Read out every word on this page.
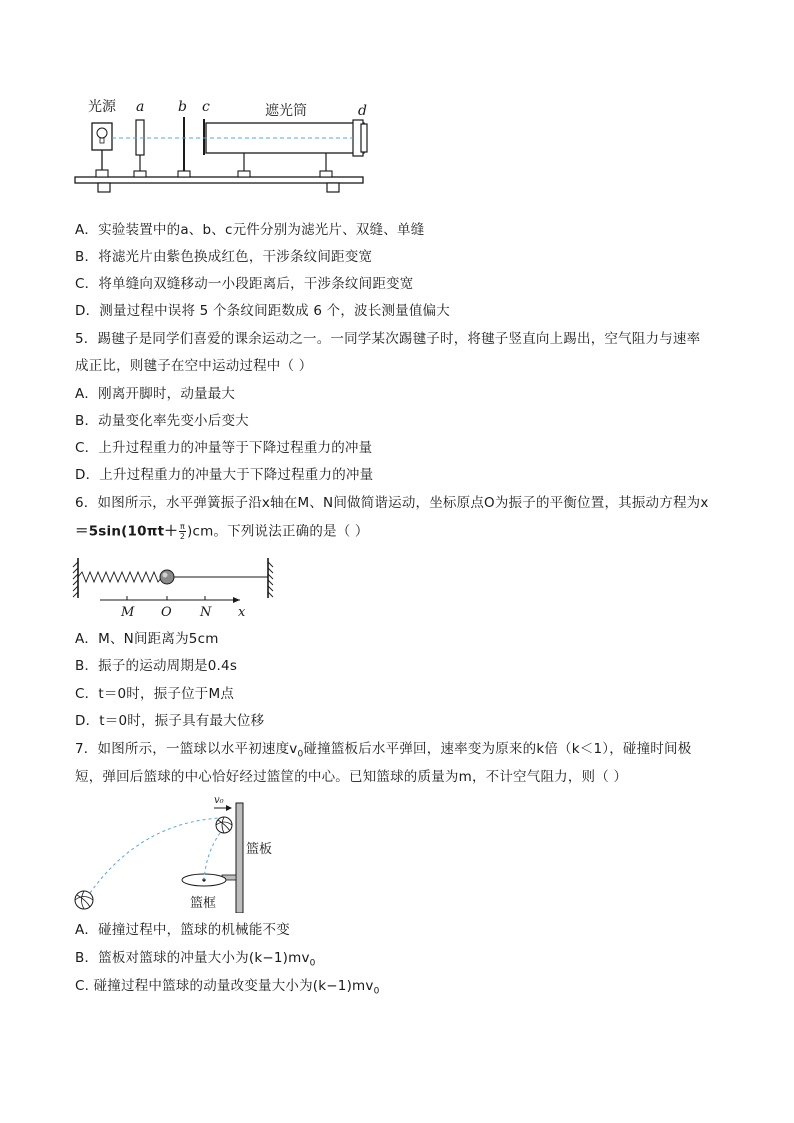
光源 a b c	遮光筒	d
A．实验装置中的a、b、c元件分别为滤光片、双缝、单缝
B．将滤光片由紫色换成红色，干涉条纹间距变宽
C．将单缝向双缝移动一小段距离后，干涉条纹间距变宽
D．测量过程中误将 5 个条纹间距数成 6 个，波长测量值偏大
5．踢毽子是同学们喜爱的课余运动之一。一同学某次踢毽子时，将毽子竖直向上踢出，空气阻力与速率
成正比，则毽子在空中运动过程中（ ）
A．刚离开脚时，动量最大
B．动量变化率先变小后变大
C．上升过程重力的冲量等于下降过程重力的冲量
D．上升过程重力的冲量大于下降过程重力的冲量
6．如图所示，水平弹簧振子沿x轴在M、N间做简谐运动，坐标原点O为振子的平衡位置，其振动方程为x
$=5\sin(10\pi t+ \frac{\pi}{2} )cm$。下列说法正确的是（ ）
M O N x
A．M、N间距离为5cm
B．振子的运动周期是0.4s
C．t＝0时，振子位于M点
D．t＝0时，振子具有最大位移
7．如图所示，一篮球以水平初速度$v_0$碰撞篮板后水平弹回，速率变为原来的k倍（k＜1），碰撞时间极
短，弹回后篮球的中心恰好经过篮筐的中心。已知篮球的质量为m，不计空气阻力，则（ ）
v₀
篮板
篮框
A．碰撞过程中，篮球的机械能不变
B．篮板对篮球的冲量大小为$(k-1)mv_0$
C. 碰撞过程中篮球的动量改变量大小为$(k-1)mv_0$
